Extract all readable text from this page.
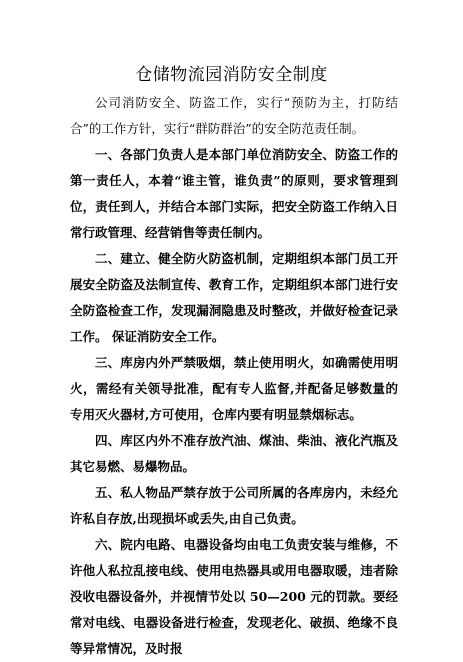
仓储物流园消防安全制度

公司消防安全、防盗工作，实行“预防为主，打防结合”的工作方针，实行“群防群治”的安全防范责任制。

一、各部门负责人是本部门单位消防安全、防盗工作的第一责任人，本着“谁主管，谁负责”的原则，要求管理到位，责任到人，并结合本部门实际，把安全防盗工作纳入日常行政管理、经营销售等责任制内。

二、建立、健全防火防盗机制，定期组织本部门员工开展安全防盗及法制宣传、教育工作，定期组织本部门进行安全防盗检查工作，发现漏洞隐患及时整改，并做好检查记录工作。 保证消防安全工作。

三、库房内外严禁吸烟，禁止使用明火，如确需使用明火，需经有关领导批准，配有专人监督,并配备足够数量的专用灭火器材,方可使用，仓库内要有明显禁烟标志。

四、库区内外不准存放汽油、煤油、柴油、液化汽瓶及其它易燃、易爆物品。

五、私人物品严禁存放于公司所属的各库房内，未经允许私自存放,出现损坏或丢失,由自己负责。

六、院内电路、电器设备均由电工负责安装与维修，不许他人私拉乱接电线、使用电热器具或用电器取暖，违者除没收电器设备外，并视情节处以 50—200 元的罚款。要经常对电线、电器设备进行检查，发现老化、破损、绝缘不良等异常情况，及时报
